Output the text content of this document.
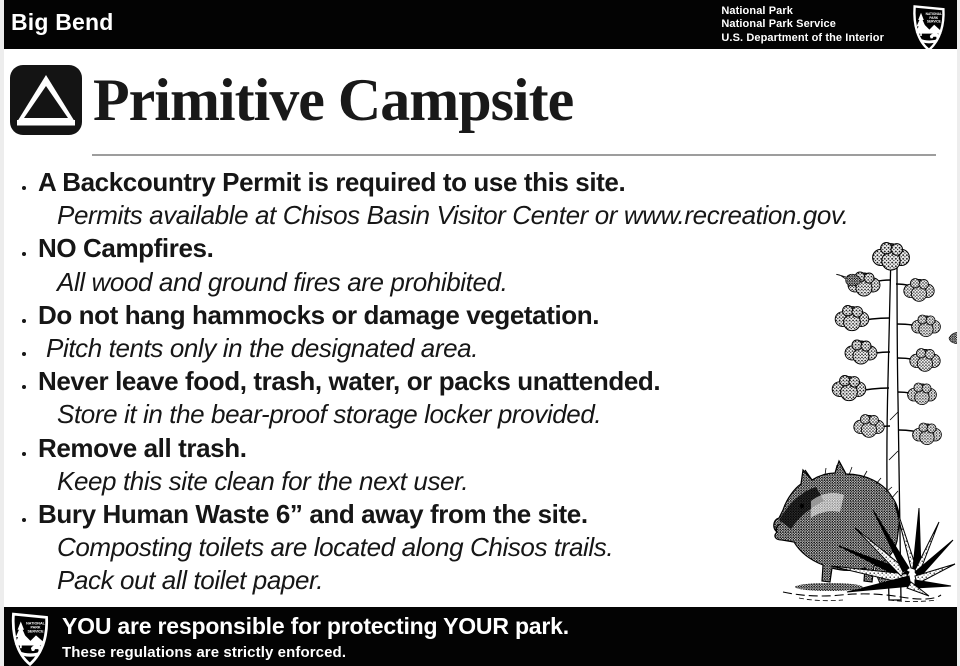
Big Bend	National Park
National Park Service
U.S. Department of the Interior
Primitive Campsite
A Backcountry Permit is required to use this site.
Permits available at Chisos Basin Visitor Center or www.recreation.gov.
NO Campfires.
All wood and ground fires are prohibited.
Do not hang hammocks or damage vegetation.
Pitch tents only in the designated area.
Never leave food, trash, water, or packs unattended.
Store it in the bear-proof storage locker provided.
Remove all trash.
Keep this site clean for the next user.
Bury Human Waste 6” and away from the site.
Composting toilets are located along Chisos trails.
Pack out all toilet paper.
YOU are responsible for protecting YOUR park.
These regulations are strictly enforced.
